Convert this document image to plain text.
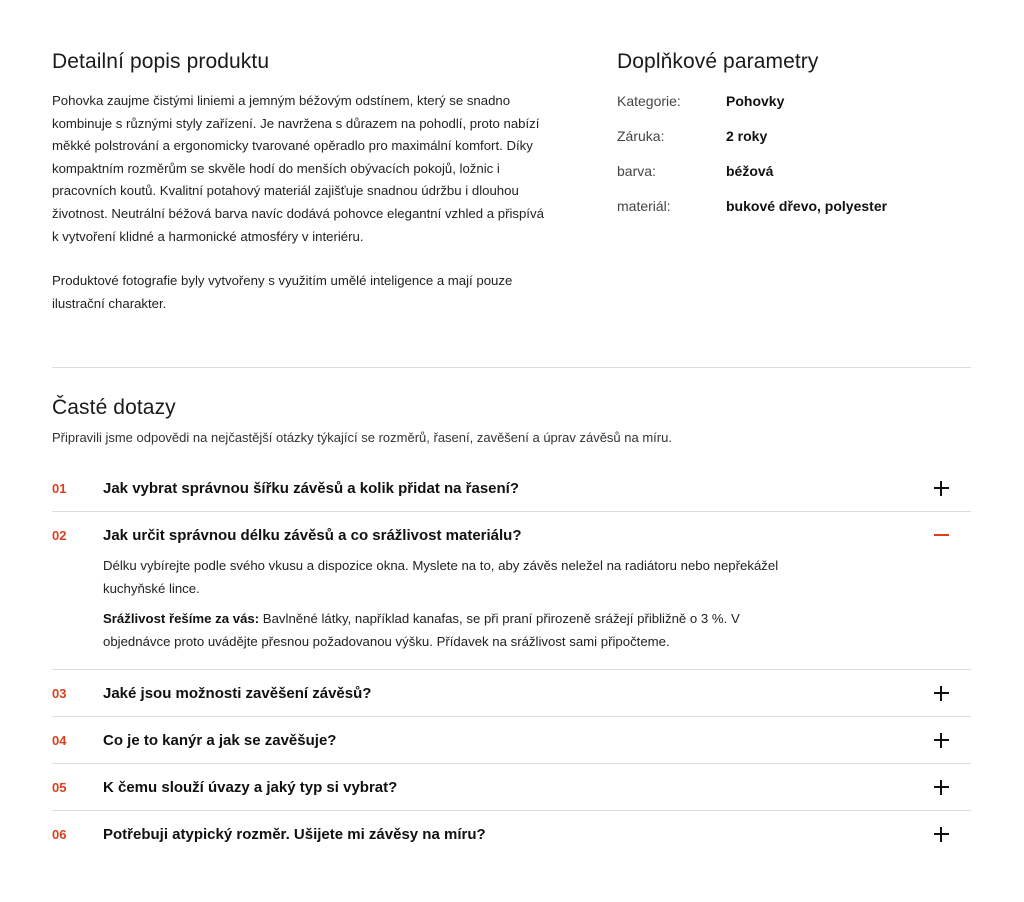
Detailní popis produktu

Pohovka zaujme čistými liniemi a jemným béžovým odstínem, který se snadno kombinuje s různými styly zařízení. Je navržena s důrazem na pohodlí, proto nabízí měkké polstrování a ergonomicky tvarované opěradlo pro maximální komfort. Díky kompaktním rozměrům se skvěle hodí do menších obývacích pokojů, ložnic i pracovních koutů. Kvalitní potahový materiál zajišťuje snadnou údržbu i dlouhou životnost. Neutrální béžová barva navíc dodává pohovce elegantní vzhled a přispívá k vytvoření klidné a harmonické atmosféry v interiéru.

Produktové fotografie byly vytvořeny s využitím umělé inteligence a mají pouze ilustrační charakter.

Doplňkové parametry
Kategorie:	Pohovky
Záruka:	2 roky
barva:	béžová
materiál:	bukové dřevo, polyester
Časté dotazy

Připravili jsme odpovědi na nejčastější otázky týkající se rozměrů, řasení, zavěšení a úprav závěsů na míru.

01	Jak vybrat správnou šířku závěsů a kolik přidat na řasení?
02	Jak určit správnou délku závěsů a co srážlivost materiálu?

Délku vybírejte podle svého vkusu a dispozice okna. Myslete na to, aby závěs neležel na radiátoru nebo nepřekážel kuchyňské lince.

Srážlivost řešíme za vás: Bavlněné látky, například kanafas, se při praní přirozeně srážejí přibližně o 3 %. V objednávce proto uvádějte přesnou požadovanou výšku. Přídavek na srážlivost sami připočteme.

03	Jaké jsou možnosti zavěšení závěsů?
04	Co je to kanýr a jak se zavěšuje?
05	K čemu slouží úvazy a jaký typ si vybrat?
06	Potřebuji atypický rozměr. Ušijete mi závěsy na míru?
